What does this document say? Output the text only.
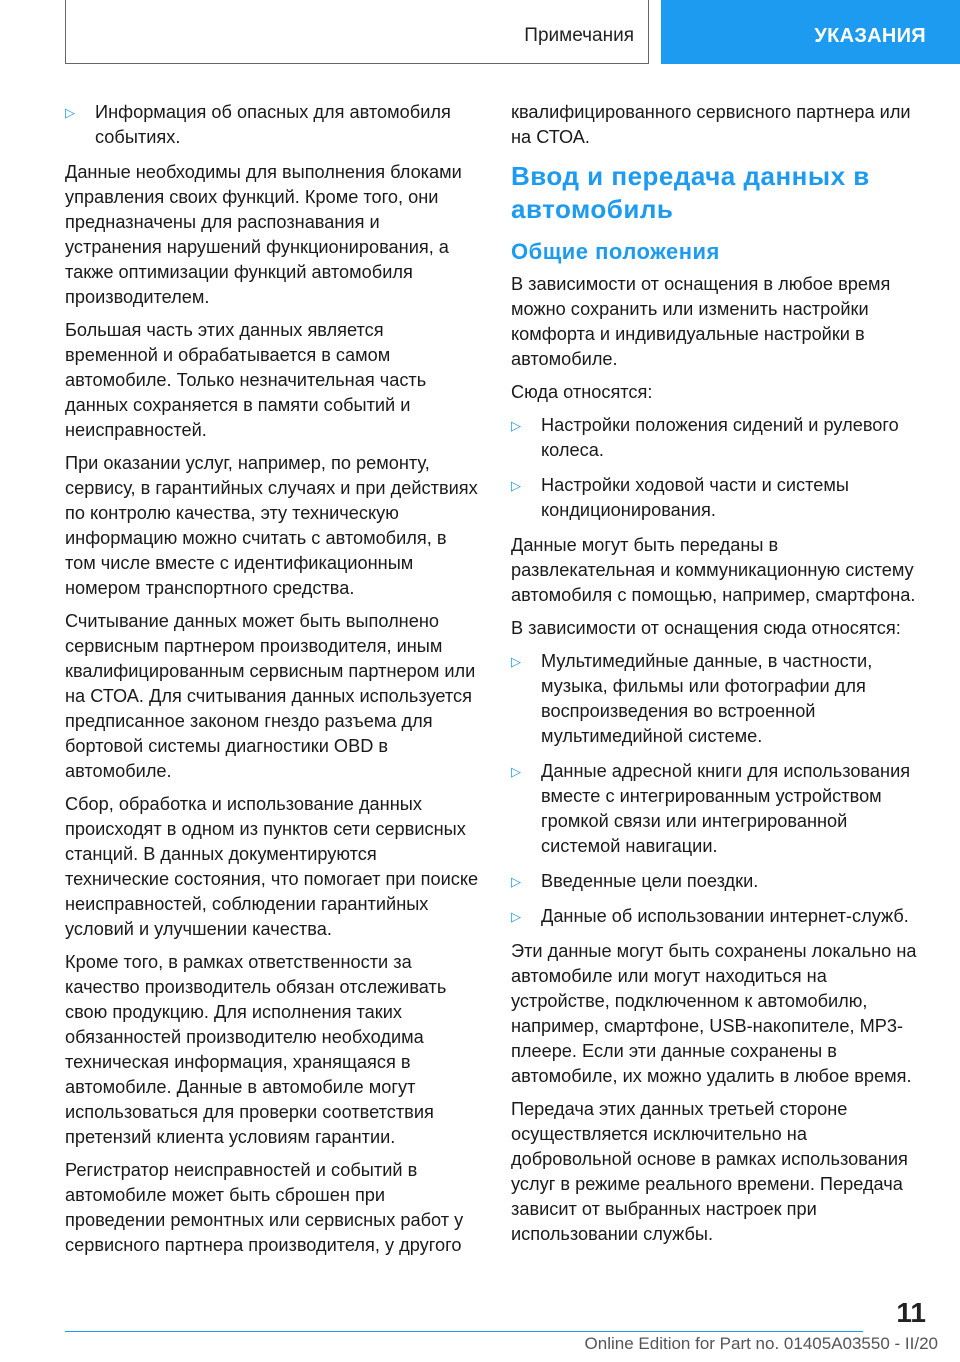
Примечания	УКАЗАНИЯ
▷ Информация об опасных для автомобиля событиях.

Данные необходимы для выполнения блоками управления своих функций. Кроме того, они предназначены для распознавания и устранения нарушений функционирования, а также оптимизации функций автомобиля производителем.

Большая часть этих данных является временной и обрабатывается в самом автомобиле. Только незначительная часть данных сохраняется в памяти событий и неисправностей.

При оказании услуг, например, по ремонту, сервису, в гарантийных случаях и при действиях по контролю качества, эту техническую информацию можно считать с автомобиля, в том числе вместе с идентификационным номером транспортного средства.

Считывание данных может быть выполнено сервисным партнером производителя, иным квалифицированным сервисным партнером или на СТОА. Для считывания данных используется предписанное законом гнездо разъема для бортовой системы диагностики OBD в автомобиле.

Сбор, обработка и использование данных происходят в одном из пунктов сети сервисных станций. В данных документируются технические состояния, что помогает при поиске неисправностей, соблюдении гарантийных условий и улучшении качества.

Кроме того, в рамках ответственности за качество производитель обязан отслеживать свою продукцию. Для исполнения таких обязанностей производителю необходима техническая информация, хранящаяся в автомобиле. Данные в автомобиле могут использоваться для проверки соответствия претензий клиента условиям гарантии.

Регистратор неисправностей и событий в автомобиле может быть сброшен при проведении ремонтных или сервисных работ у сервисного партнера производителя, у другого

квалифицированного сервисного партнера или на СТОА.

Ввод и передача данных в автомобиль
Общие положения

В зависимости от оснащения в любое время можно сохранить или изменить настройки комфорта и индивидуальные настройки в автомобиле.

Сюда относятся:

▷ Настройки положения сидений и рулевого колеса.
▷ Настройки ходовой части и системы кондиционирования.

Данные могут быть переданы в развлекательная и коммуникационную систему автомобиля с помощью, например, смартфона.

В зависимости от оснащения сюда относятся:

▷ Мультимедийные данные, в частности, музыка, фильмы или фотографии для воспроизведения во встроенной мультимедийной системе.
▷ Данные адресной книги для использования вместе с интегрированным устройством громкой связи или интегрированной системой навигации.
▷ Введенные цели поездки.
▷ Данные об использовании интернет-служб.

Эти данные могут быть сохранены локально на автомобиле или могут находиться на устройстве, подключенном к автомобилю, например, смартфоне, USB-накопителе, MP3-плеере. Если эти данные сохранены в автомобиле, их можно удалить в любое время.

Передача этих данных третьей стороне осуществляется исключительно на добровольной основе в рамках использования услуг в режиме реального времени. Передача зависит от выбранных настроек при использовании службы.

11
Online Edition for Part no. 01405A03550 - II/20
